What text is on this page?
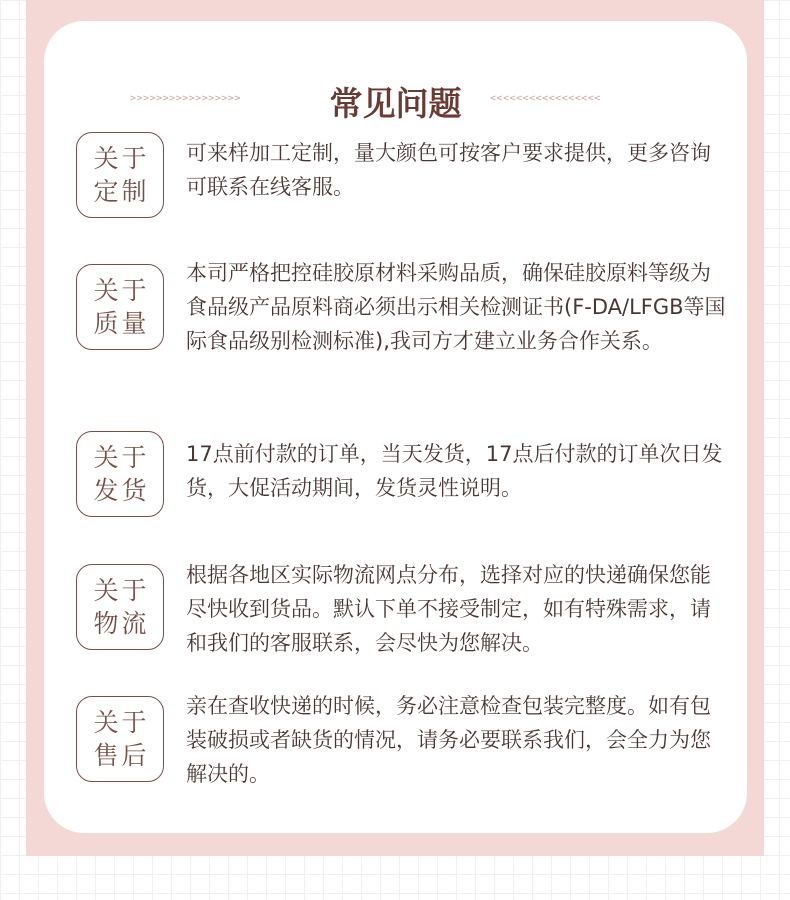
>>>>>>>>>>>>>>>>>	常见问题	<<<<<<<<<<<<<<<<<
关于
定制

可来样加工定制，量大颜色可按客户要求提供，更多咨询可联系在线客服。

关于
质量

本司严格把控硅胶原材料采购品质，确保硅胶原料等级为食品级产品原料商必须出示相关检测证书(F-DA/LFGB等国际食品级别检测标准),我司方才建立业务合作关系。

关于
发货

17点前付款的订单，当天发货，17点后付款的订单次日发货，大促活动期间，发货灵性说明。

关于
物流

根据各地区实际物流网点分布，选择对应的快递确保您能尽快收到货品。默认下单不接受制定，如有特殊需求，请和我们的客服联系，会尽快为您解决。

关于
售后

亲在查收快递的时候，务必注意检查包装完整度。如有包装破损或者缺货的情况，请务必要联系我们，会全力为您解决的。
